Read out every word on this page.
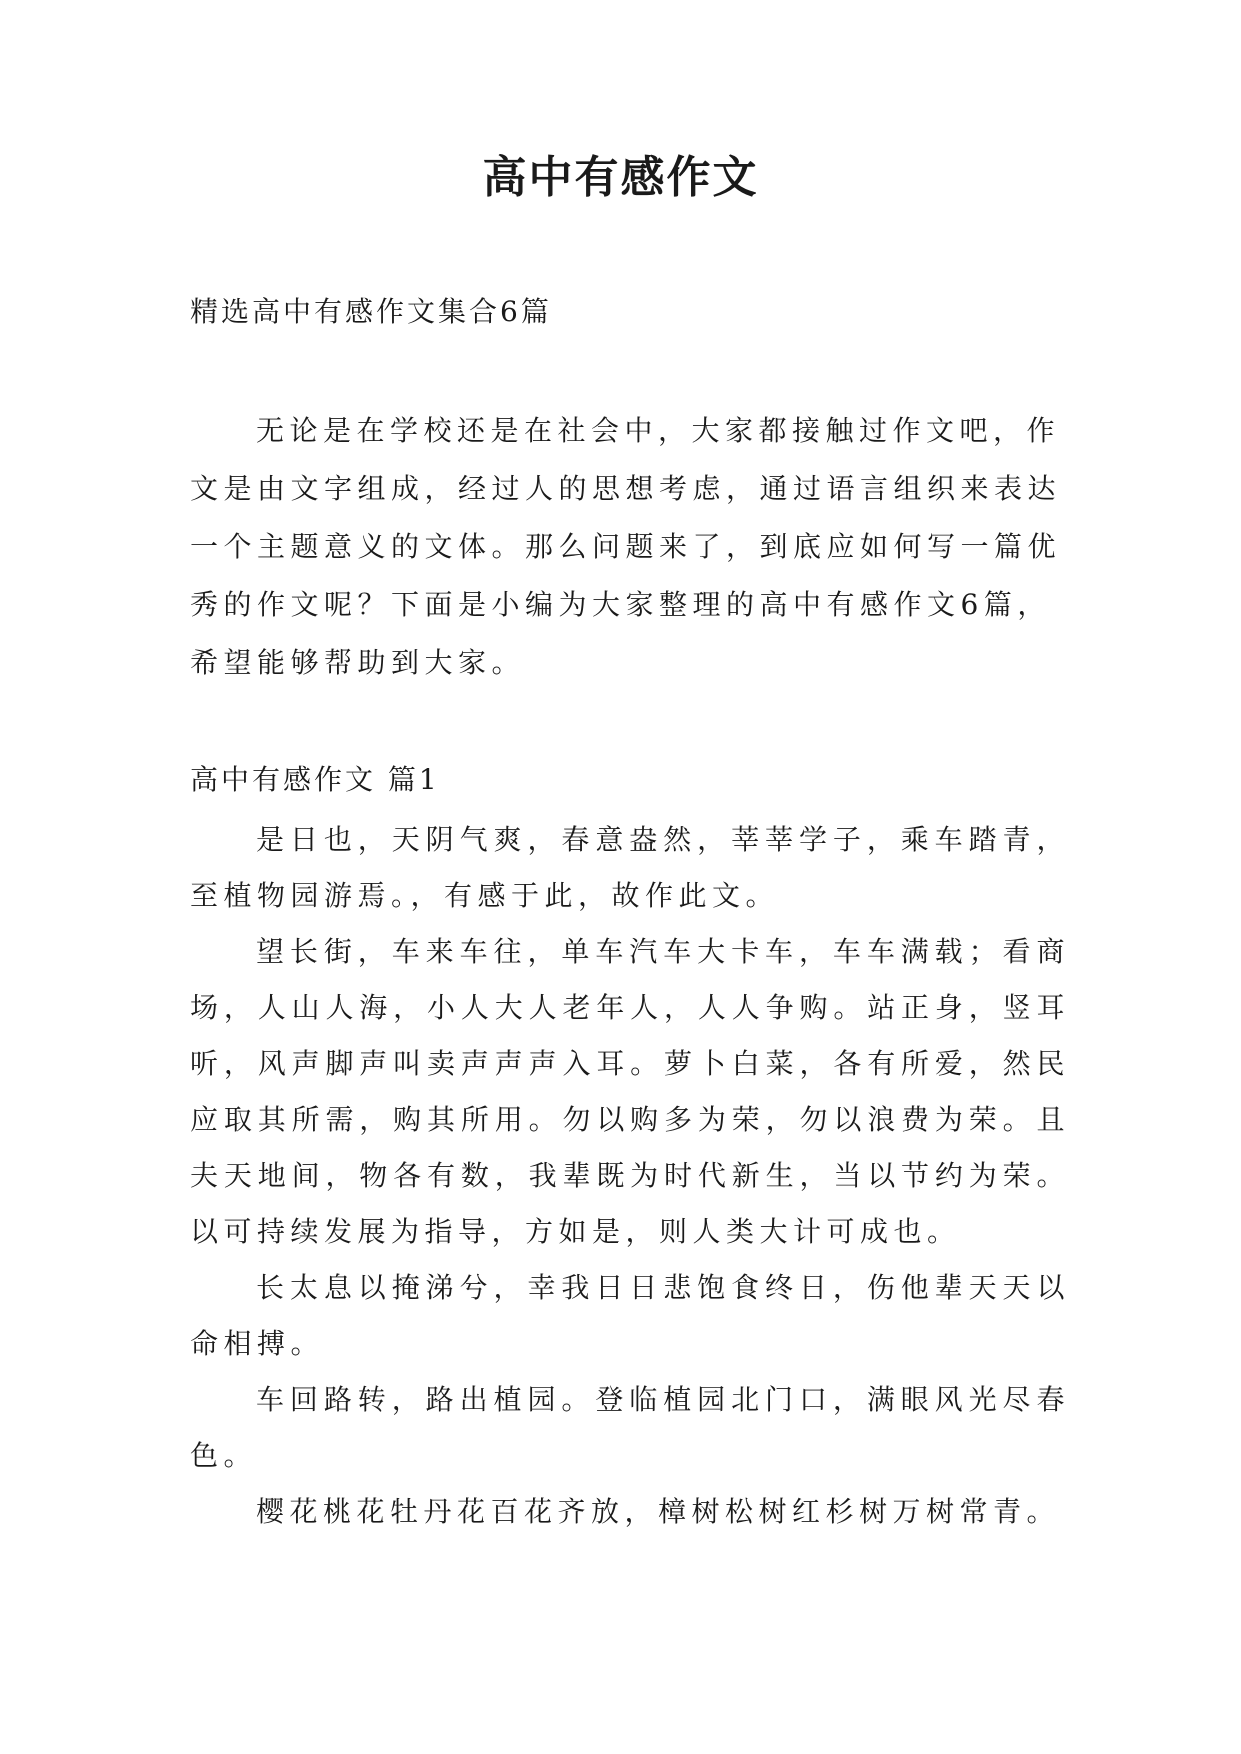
高中有感作文

精选高中有感作文集合6篇

无论是在学校还是在社会中，大家都接触过作文吧，作文是由文字组成，经过人的思想考虑，通过语言组织来表达一个主题意义的文体。那么问题来了，到底应如何写一篇优秀的作文呢？下面是小编为大家整理的高中有感作文6篇，希望能够帮助到大家。

高中有感作文 篇1

是日也，天阴气爽，春意盎然，莘莘学子，乘车踏青，至植物园游焉。，有感于此，故作此文。

望长街，车来车往，单车汽车大卡车，车车满载；看商场，人山人海，小人大人老年人，人人争购。站正身，竖耳听，风声脚声叫卖声声声入耳。萝卜白菜，各有所爱，然民应取其所需，购其所用。勿以购多为荣，勿以浪费为荣。且夫天地间，物各有数，我辈既为时代新生，当以节约为荣。以可持续发展为指导，方如是，则人类大计可成也。

长太息以掩涕兮，幸我日日悲饱食终日，伤他辈天天以命相搏。

车回路转，路出植园。登临植园北门口，满眼风光尽春色。

樱花桃花牡丹花百花齐放，樟树松树红杉树万树常青。
